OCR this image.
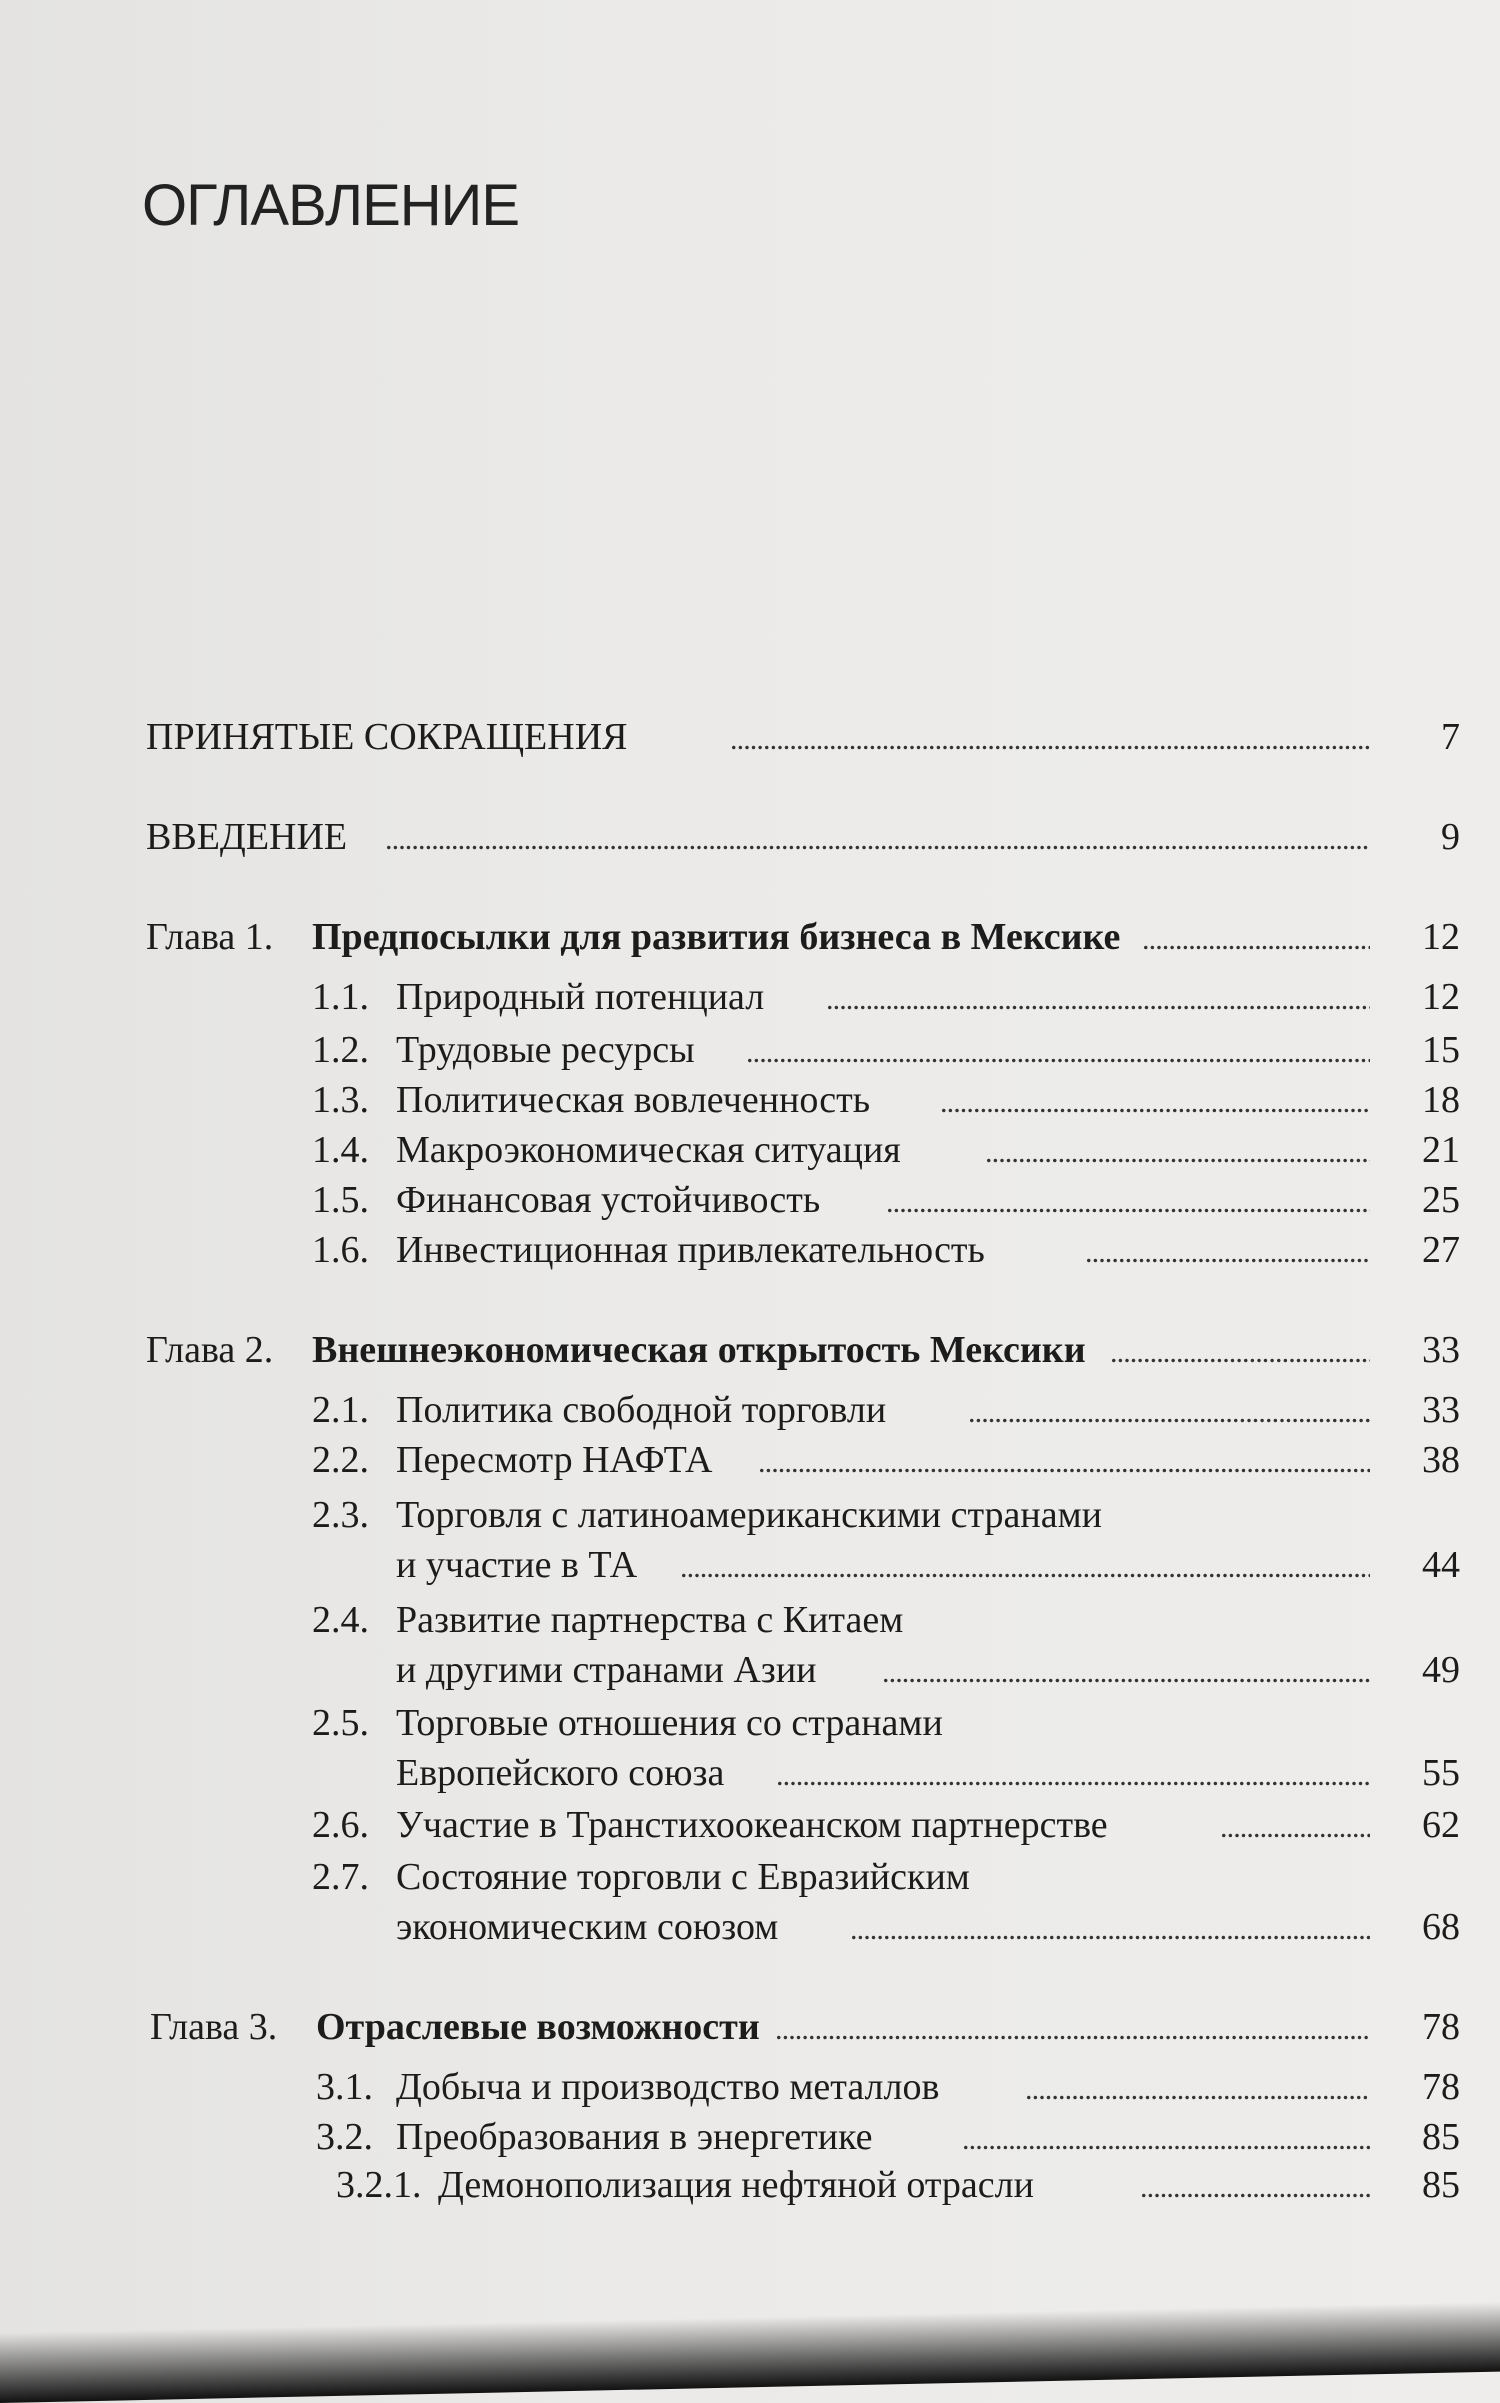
ОГЛАВЛЕНИЕ
ПРИНЯТЫЕ СОКРАЩЕНИЯ . . .	7
ВВЕДЕНИЕ . . .	9
Глава 1. Предпосылки для развития бизнеса в Мексике . . .	12
1.1. Природный потенциал . . .	12
1.2. Трудовые ресурсы . . .	15
1.3. Политическая вовлеченность . . .	18
1.4. Макроэкономическая ситуация . . .	21
1.5. Финансовая устойчивость . . .	25
1.6. Инвестиционная привлекательность . . .	27
Глава 2. Внешнеэкономическая открытость Мексики . . .	33
2.1. Политика свободной торговли . . .	33
2.2. Пересмотр НАФТА . . .	38
2.3. Торговля с латиноамериканскими странами
и участие в ТА . . .	44
2.4. Развитие партнерства с Китаем
и другими странами Азии . . .	49
2.5. Торговые отношения со странами
Европейского союза . . .	55
2.6. Участие в Транстихоокеанском партнерстве . . .	62
2.7. Состояние торговли с Евразийским
экономическим союзом . . .	68
Глава 3. Отраслевые возможности . . .	78
3.1. Добыча и производство металлов . . .	78
3.2. Преобразования в энергетике . . .	85
3.2.1. Демонополизация нефтяной отрасли . . .	85
